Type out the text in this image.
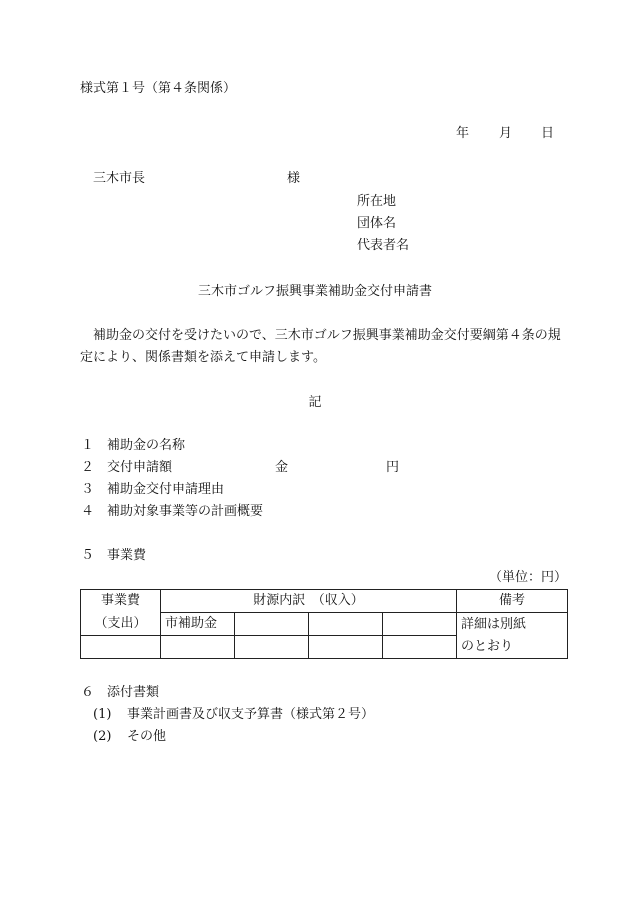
様式第１号（第４条関係）
年 月 日
三木市長	様
所在地
団体名
代表者名
三木市ゴルフ振興事業補助金交付申請書
補助金の交付を受けたいので、三木市ゴルフ振興事業補助金交付要綱第４条の規定により、関係書類を添えて申請します。
記
１ 補助金の名称
２ 交付申請額	金	円
３ 補助金交付申請理由
４ 補助対象事業等の計画概要
５ 事業費
（単位：円）
事業費	財源内訳　（収入）				備考
（支出）	市補助金				詳細は別紙
のとおり

６ 添付書類
(1) 事業計画書及び収支予算書（様式第２号）
(2) その他
